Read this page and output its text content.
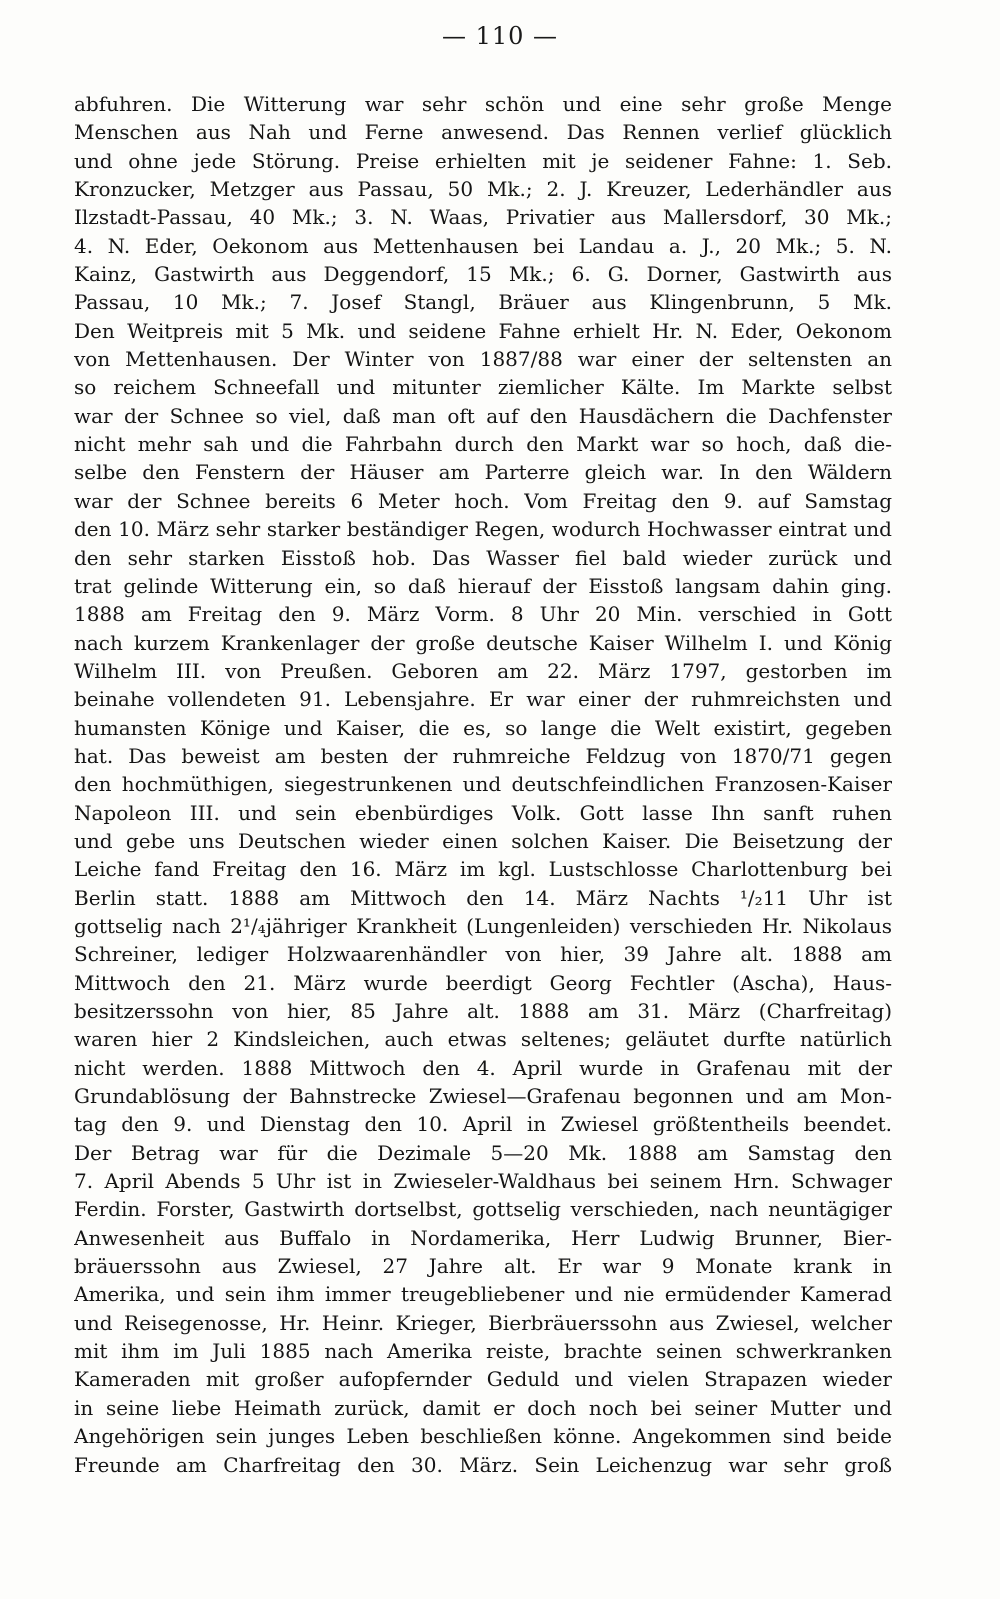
— 110 —
abfuhren. Die Witterung war sehr schön und eine sehr große Menge
Menschen aus Nah und Ferne anwesend. Das Rennen verlief glücklich
und ohne jede Störung. Preise erhielten mit je seidener Fahne: 1. Seb.
Kronzucker, Metzger aus Passau, 50 Mk.; 2. J. Kreuzer, Lederhändler aus
Ilzstadt-Passau, 40 Mk.; 3. N. Waas, Privatier aus Mallersdorf, 30 Mk.;
4. N. Eder, Oekonom aus Mettenhausen bei Landau a. J., 20 Mk.; 5. N.
Kainz, Gastwirth aus Deggendorf, 15 Mk.; 6. G. Dorner, Gastwirth aus
Passau, 10 Mk.; 7. Josef Stangl, Bräuer aus Klingenbrunn, 5 Mk.
Den Weitpreis mit 5 Mk. und seidene Fahne erhielt Hr. N. Eder, Oekonom
von Mettenhausen. Der Winter von 1887/88 war einer der seltensten an
so reichem Schneefall und mitunter ziemlicher Kälte. Im Markte selbst
war der Schnee so viel, daß man oft auf den Hausdächern die Dachfenster
nicht mehr sah und die Fahrbahn durch den Markt war so hoch, daß die-
selbe den Fenstern der Häuser am Parterre gleich war. In den Wäldern
war der Schnee bereits 6 Meter hoch. Vom Freitag den 9. auf Samstag
den 10. März sehr starker beständiger Regen, wodurch Hochwasser eintrat und
den sehr starken Eisstoß hob. Das Wasser fiel bald wieder zurück und
trat gelinde Witterung ein, so daß hierauf der Eisstoß langsam dahin ging.
1888 am Freitag den 9. März Vorm. 8 Uhr 20 Min. verschied in Gott
nach kurzem Krankenlager der große deutsche Kaiser Wilhelm I. und König
Wilhelm III. von Preußen. Geboren am 22. März 1797, gestorben im
beinahe vollendeten 91. Lebensjahre. Er war einer der ruhmreichsten und
humansten Könige und Kaiser, die es, so lange die Welt existirt, gegeben
hat. Das beweist am besten der ruhmreiche Feldzug von 1870/71 gegen
den hochmüthigen, siegestrunkenen und deutschfeindlichen Franzosen-Kaiser
Napoleon III. und sein ebenbürdiges Volk. Gott lasse Ihn sanft ruhen
und gebe uns Deutschen wieder einen solchen Kaiser. Die Beisetzung der
Leiche fand Freitag den 16. März im kgl. Lustschlosse Charlottenburg bei
Berlin statt. 1888 am Mittwoch den 14. März Nachts ¹/₂11 Uhr ist
gottselig nach 2¹/₄jähriger Krankheit (Lungenleiden) verschieden Hr. Nikolaus
Schreiner, lediger Holzwaarenhändler von hier, 39 Jahre alt. 1888 am
Mittwoch den 21. März wurde beerdigt Georg Fechtler (Ascha), Haus-
besitzerssohn von hier, 85 Jahre alt. 1888 am 31. März (Charfreitag)
waren hier 2 Kindsleichen, auch etwas seltenes; geläutet durfte natürlich
nicht werden. 1888 Mittwoch den 4. April wurde in Grafenau mit der
Grundablösung der Bahnstrecke Zwiesel—Grafenau begonnen und am Mon-
tag den 9. und Dienstag den 10. April in Zwiesel größtentheils beendet.
Der Betrag war für die Dezimale 5—20 Mk. 1888 am Samstag den
7. April Abends 5 Uhr ist in Zwieseler-Waldhaus bei seinem Hrn. Schwager
Ferdin. Forster, Gastwirth dortselbst, gottselig verschieden, nach neuntägiger
Anwesenheit aus Buffalo in Nordamerika, Herr Ludwig Brunner, Bier-
bräuerssohn aus Zwiesel, 27 Jahre alt. Er war 9 Monate krank in
Amerika, und sein ihm immer treugebliebener und nie ermüdender Kamerad
und Reisegenosse, Hr. Heinr. Krieger, Bierbräuerssohn aus Zwiesel, welcher
mit ihm im Juli 1885 nach Amerika reiste, brachte seinen schwerkranken
Kameraden mit großer aufopfernder Geduld und vielen Strapazen wieder
in seine liebe Heimath zurück, damit er doch noch bei seiner Mutter und
Angehörigen sein junges Leben beschließen könne. Angekommen sind beide
Freunde am Charfreitag den 30. März. Sein Leichenzug war sehr groß
